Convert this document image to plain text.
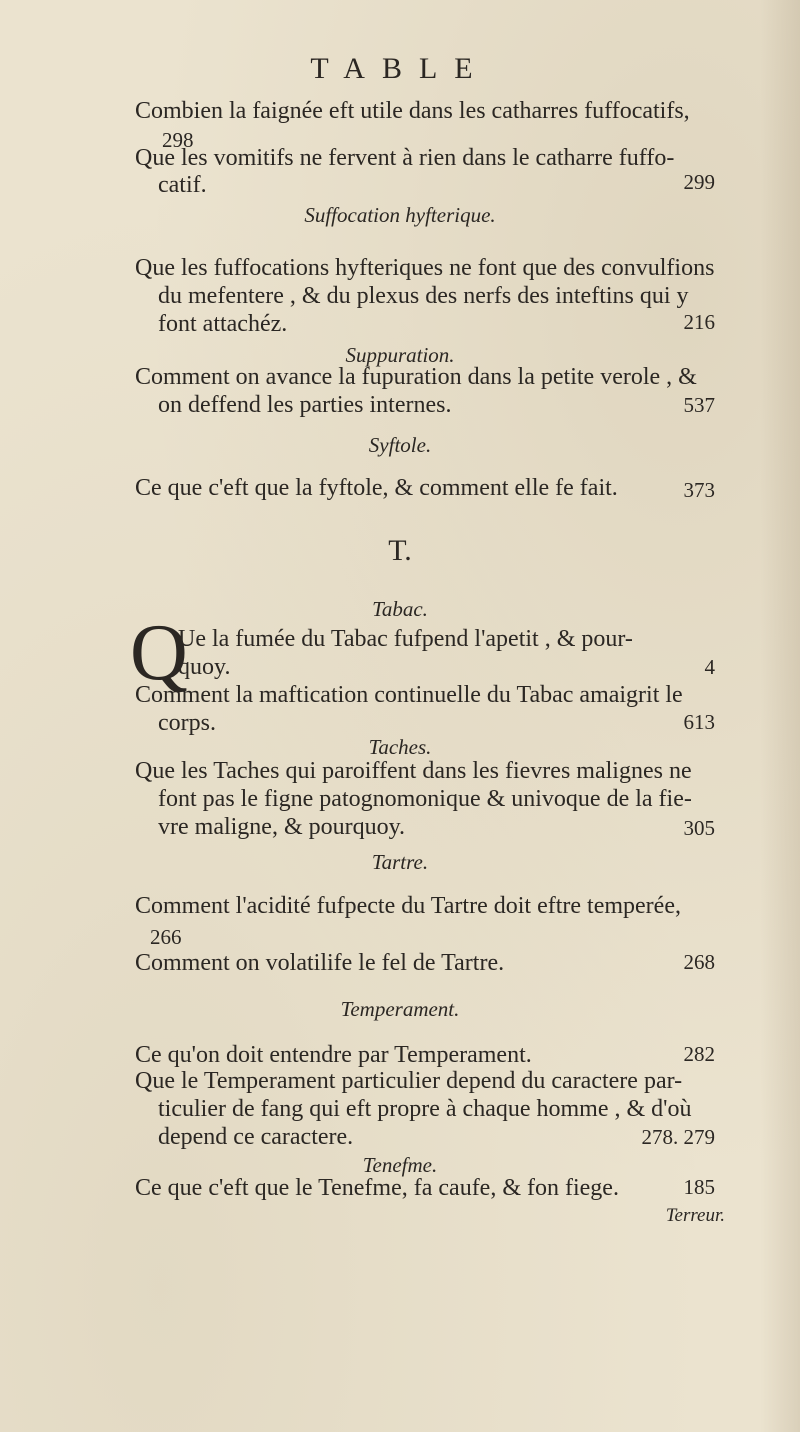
TABLE
Combien la faignée eft utile dans les catharres fuffocatifs,
298
Que les vomitifs ne fervent à rien dans le catharre fuffo-
catif.	299
Suffocation hyfterique.
Que les fuffocations hyfteriques ne font que des convulfions
du mefentere , & du plexus des nerfs des inteftins qui y
font attachéz.	216
Suppuration.
Comment on avance la fupuration dans la petite verole , &
on deffend les parties internes.	537
Syftole.
Ce que c'eft que la fyftole, & comment elle fe fait.	373
T.
Tabac.
Q
Ue la fumée du Tabac fufpend l'apetit , & pour-
quoy.	4
Comment la maftication continuelle du Tabac amaigrit le
corps.	613
Taches.
Que les Taches qui paroiffent dans les fievres malignes ne
font pas le figne patognomonique & univoque de la fie-
vre maligne, & pourquoy.	305
Tartre.
Comment l'acidité fufpecte du Tartre doit eftre temperée,
266
Comment on volatilife le fel de Tartre.	268
Temperament.
Ce qu'on doit entendre par Temperament.	282
Que le Temperament particulier depend du caractere par-
ticulier de fang qui eft propre à chaque homme , & d'où
depend ce caractere.	278. 279
Tenefme.
Ce que c'eft que le Tenefme, fa caufe, & fon fiege.	185
Terreur.
